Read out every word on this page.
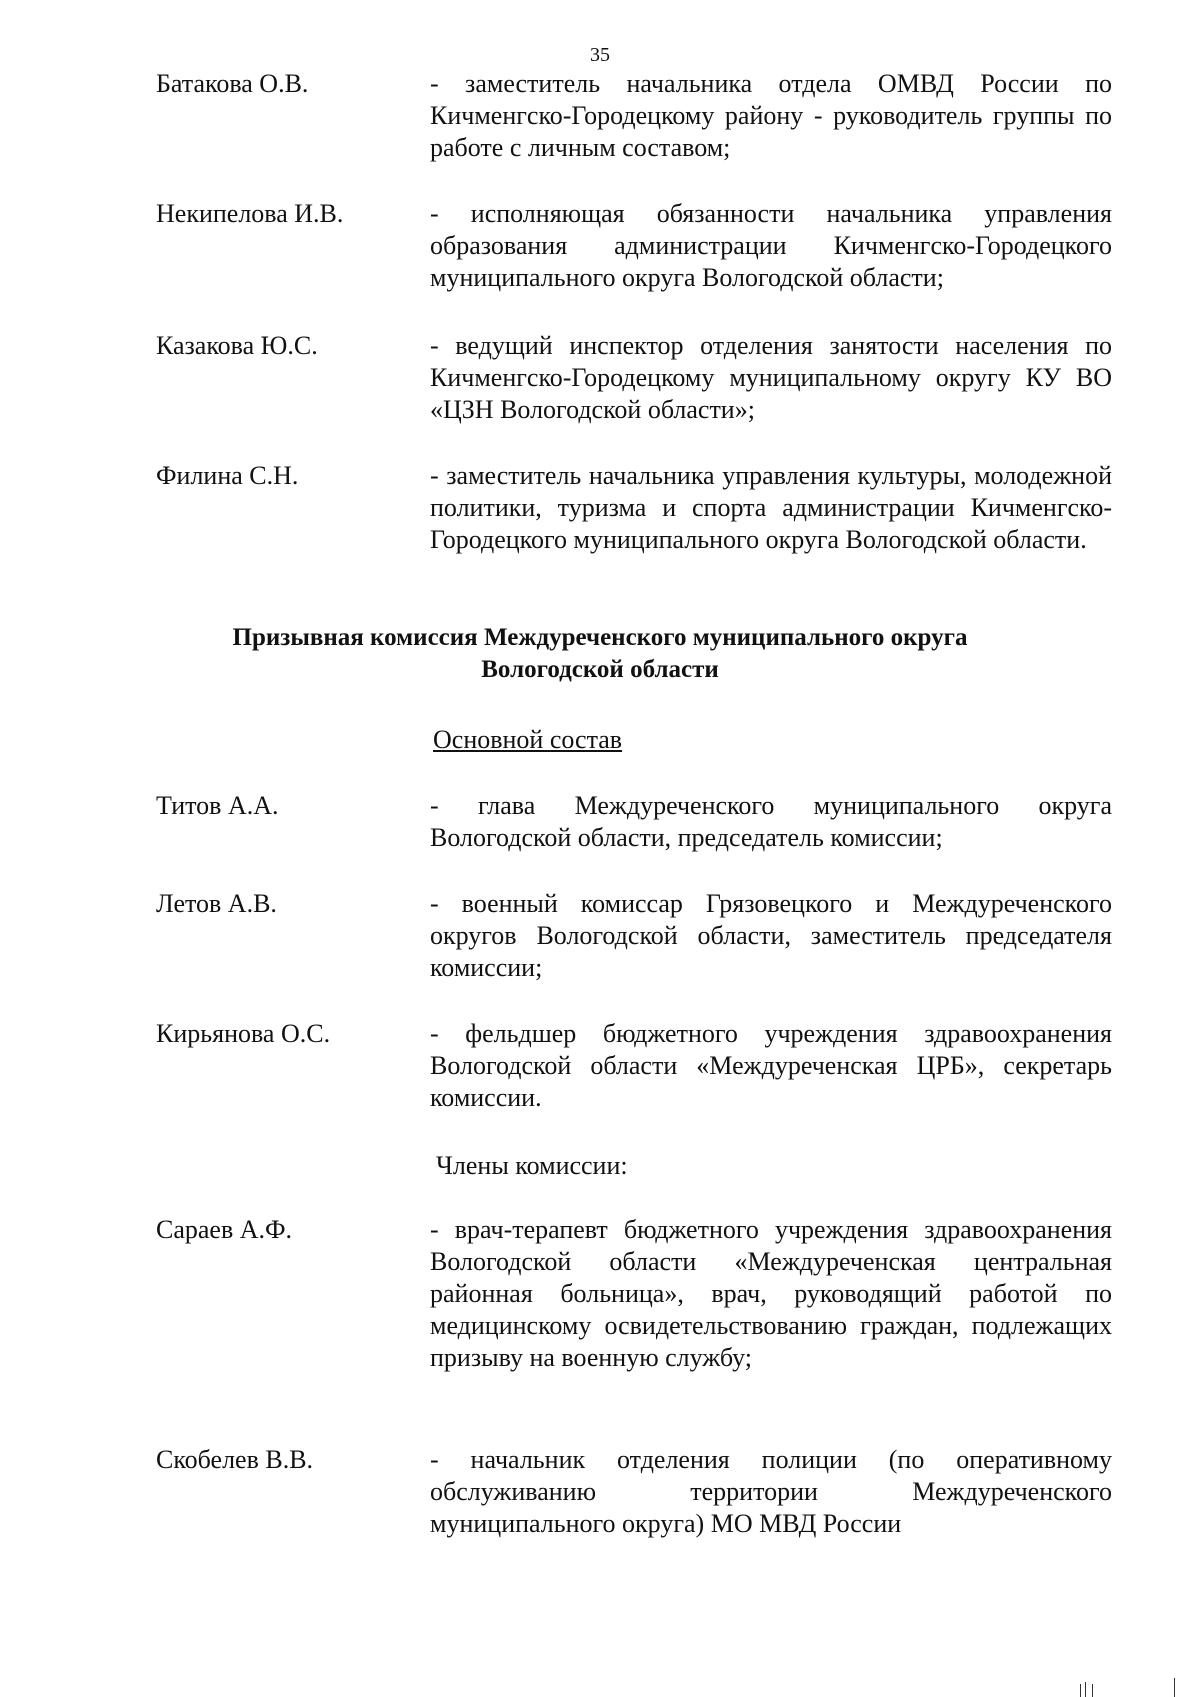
35
Батакова О.В.	- заместитель начальника отдела ОМВД России по Кичменгско-Городецкому району - руководитель группы по работе с личным составом;
Некипелова И.В.	- исполняющая обязанности начальника управления образования администрации Кичменгско-Городецкого муниципального округа Вологодской области;
Казакова Ю.С.	- ведущий инспектор отделения занятости населения по Кичменгско-Городецкому муниципальному округу КУ ВО «ЦЗН Вологодской области»;
Филина С.Н.	- заместитель начальника управления культуры, молодежной политики, туризма и спорта администрации Кичменгско-Городецкого муниципального округа Вологодской области.
Призывная комиссия Междуреченского муниципального округа
Вологодской области
Основной состав
Титов А.А.	- глава Междуреченского муниципального округа Вологодской области, председатель комиссии;
Летов А.В.	- военный комиссар Грязовецкого и Междуреченского округов Вологодской области, заместитель председателя комиссии;
Кирьянова О.С.	- фельдшер бюджетного учреждения здравоохранения Вологодской области «Междуреченская ЦРБ», секретарь комиссии.
Члены комиссии:
Сараев А.Ф.	- врач-терапевт бюджетного учреждения здравоохранения Вологодской области «Междуреченская центральная районная больница», врач, руководящий работой по медицинскому освидетельствованию граждан, подлежащих призыву на военную службу;
Скобелев В.В.	- начальник отделения полиции (по оперативному обслуживанию территории Междуреченского муниципального округа) МО МВД России
